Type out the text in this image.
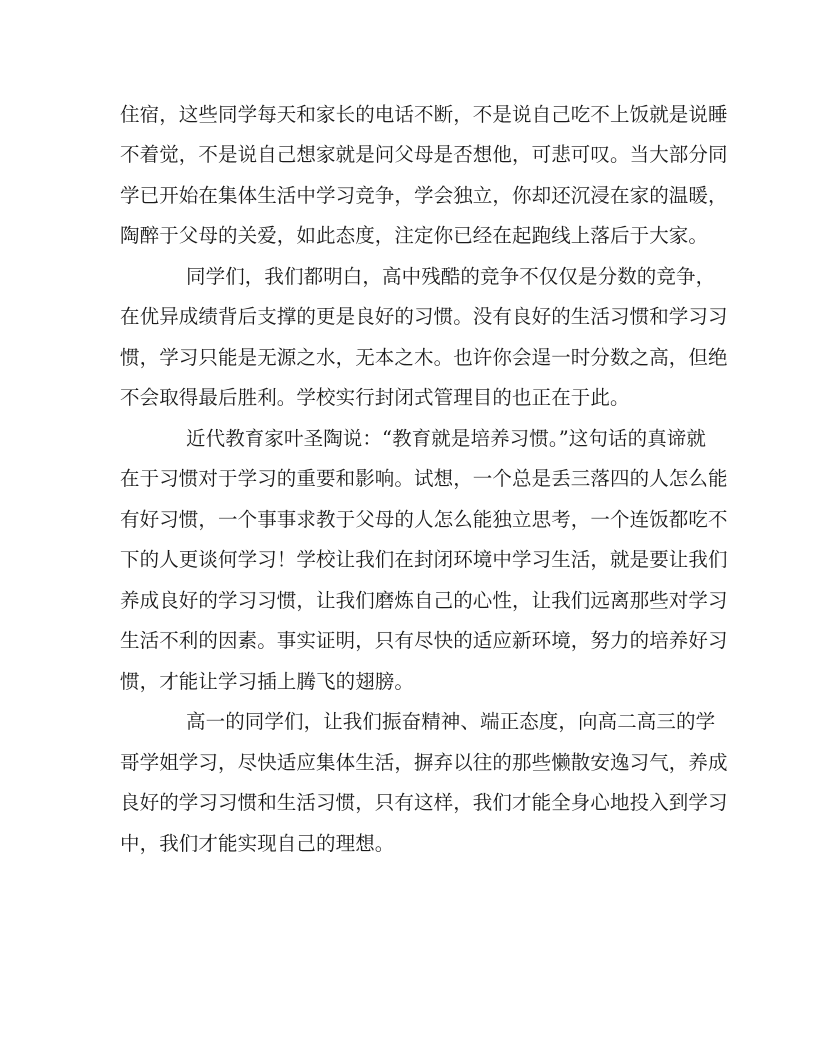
住宿，这些同学每天和家长的电话不断，不是说自己吃不上饭就是说睡
不着觉，不是说自己想家就是问父母是否想他，可悲可叹。当大部分同
学已开始在集体生活中学习竞争，学会独立，你却还沉浸在家的温暖，
陶醉于父母的关爱，如此态度，注定你已经在起跑线上落后于大家。
同学们，我们都明白，高中残酷的竞争不仅仅是分数的竞争，
在优异成绩背后支撑的更是良好的习惯。没有良好的生活习惯和学习习
惯，学习只能是无源之水，无本之木。也许你会逞一时分数之高，但绝
不会取得最后胜利。学校实行封闭式管理目的也正在于此。
近代教育家叶圣陶说：“教育就是培养习惯。”这句话的真谛就
在于习惯对于学习的重要和影响。试想，一个总是丢三落四的人怎么能
有好习惯，一个事事求教于父母的人怎么能独立思考，一个连饭都吃不
下的人更谈何学习！学校让我们在封闭环境中学习生活，就是要让我们
养成良好的学习习惯，让我们磨炼自己的心性，让我们远离那些对学习
生活不利的因素。事实证明，只有尽快的适应新环境，努力的培养好习
惯，才能让学习插上腾飞的翅膀。
高一的同学们，让我们振奋精神、端正态度，向高二高三的学
哥学姐学习，尽快适应集体生活，摒弃以往的那些懒散安逸习气，养成
良好的学习习惯和生活习惯，只有这样，我们才能全身心地投入到学习
中，我们才能实现自己的理想。
